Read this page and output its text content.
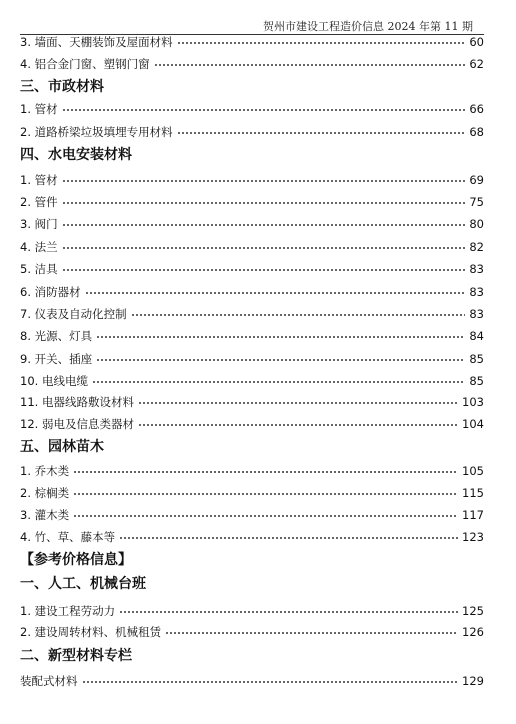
贺州市建设工程造价信息 2024 年第 11 期
3. 墙面、天棚装饰及屋面材料	60
4. 铝合金门窗、塑钢门窗	62
三、市政材料
1. 管材	66
2. 道路桥梁垃圾填埋专用材料	68
四、水电安装材料
1. 管材	69
2. 管件	75
3. 阀门	80
4. 法兰	82
5. 洁具	83
6. 消防器材	83
7. 仪表及自动化控制	83
8. 光源、灯具	84
9. 开关、插座	85
10. 电线电缆	85
11. 电器线路敷设材料	103
12. 弱电及信息类器材	104
五、园林苗木
1. 乔木类	105
2. 棕榈类	115
3. 灌木类	117
4. 竹、草、藤本等	123
【参考价格信息】
一、人工、机械台班
1. 建设工程劳动力	125
2. 建设周转材料、机械租赁	126
二、新型材料专栏
装配式材料	129
